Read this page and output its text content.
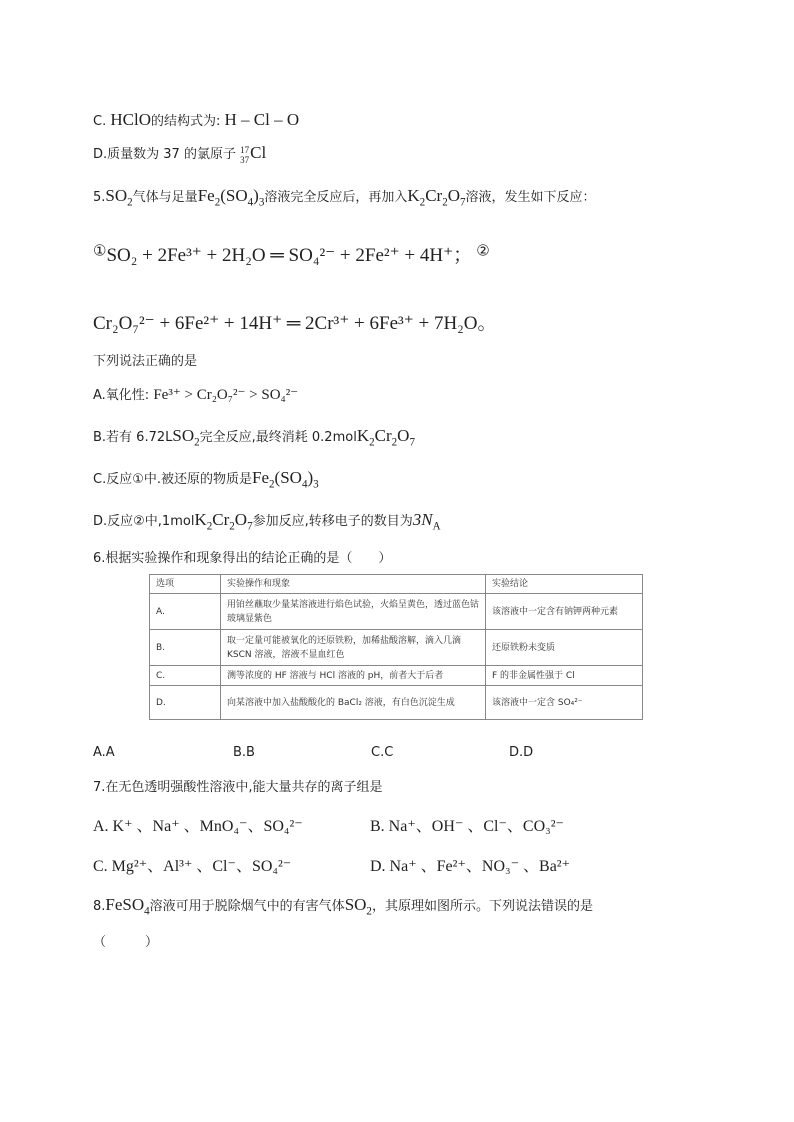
C. HClO的结构式为: H – Cl – O
D.质量数为 37 的氯原子 17
37Cl
$5.SO_2$气体与足量$Fe_2(SO_4)_3$溶液完全反应后，再加入$K_2Cr_2O_7$溶液，发生如下反应：
①SO₂ + 2Fe³⁺ + 2H₂O ═ SO₄²⁻ + 2Fe²⁺ + 4H⁺； ②
Cr₂O₇²⁻ + 6Fe²⁺ + 14H⁺ ═ 2Cr³⁺ + 6Fe³⁺ + 7H₂O。
下列说法正确的是
A.氧化性: Fe³⁺ > Cr₂O₇²⁻ > SO₄²⁻
B.若有 $6.72LSO_2$完全反应,最终消耗 $0.2molK_2Cr_2O_7$
C.反应①中.被还原的物质是$Fe_2(SO_4)_3$
D.反应②中$,1molK_2Cr_2O_7$参加反应,转移电子的数目为$3N_A$
6.根据实验操作和现象得出的结论正确的是（　　）
选项	实验操作和现象	实验结论
A.	用铂丝蘸取少量某溶液进行焰色试验，火焰呈黄色，透过蓝色钴玻璃显紫色	该溶液中一定含有钠钾两种元素
B.	取一定量可能被氧化的还原铁粉，加稀盐酸溶解，滴入几滴 KSCN 溶液，溶液不显血红色	还原铁粉未变质
C.	测等浓度的 HF 溶液与 HCl 溶液的 pH，前者大于后者	F 的非金属性强于 Cl
D.	向某溶液中加入盐酸酸化的 BaCl₂ 溶液，有白色沉淀生成	该溶液中一定含 SO₄²⁻
A.A	B.B	C.C	D.D
7.在无色透明强酸性溶液中,能大量共存的离子组是
A. K⁺ 、Na⁺ 、MnO₄⁻、SO₄²⁻	B. Na⁺、OH⁻ 、Cl⁻、CO₃²⁻
C. Mg²⁺、Al³⁺ 、Cl⁻、SO₄²⁻	D. Na⁺ 、Fe²⁺、NO₃⁻ 、Ba²⁺
8.FeSO$_4$溶液可用于脱除烟气中的有害气体$SO_2$，其原理如图所示。下列说法错误的是
（　　　）
